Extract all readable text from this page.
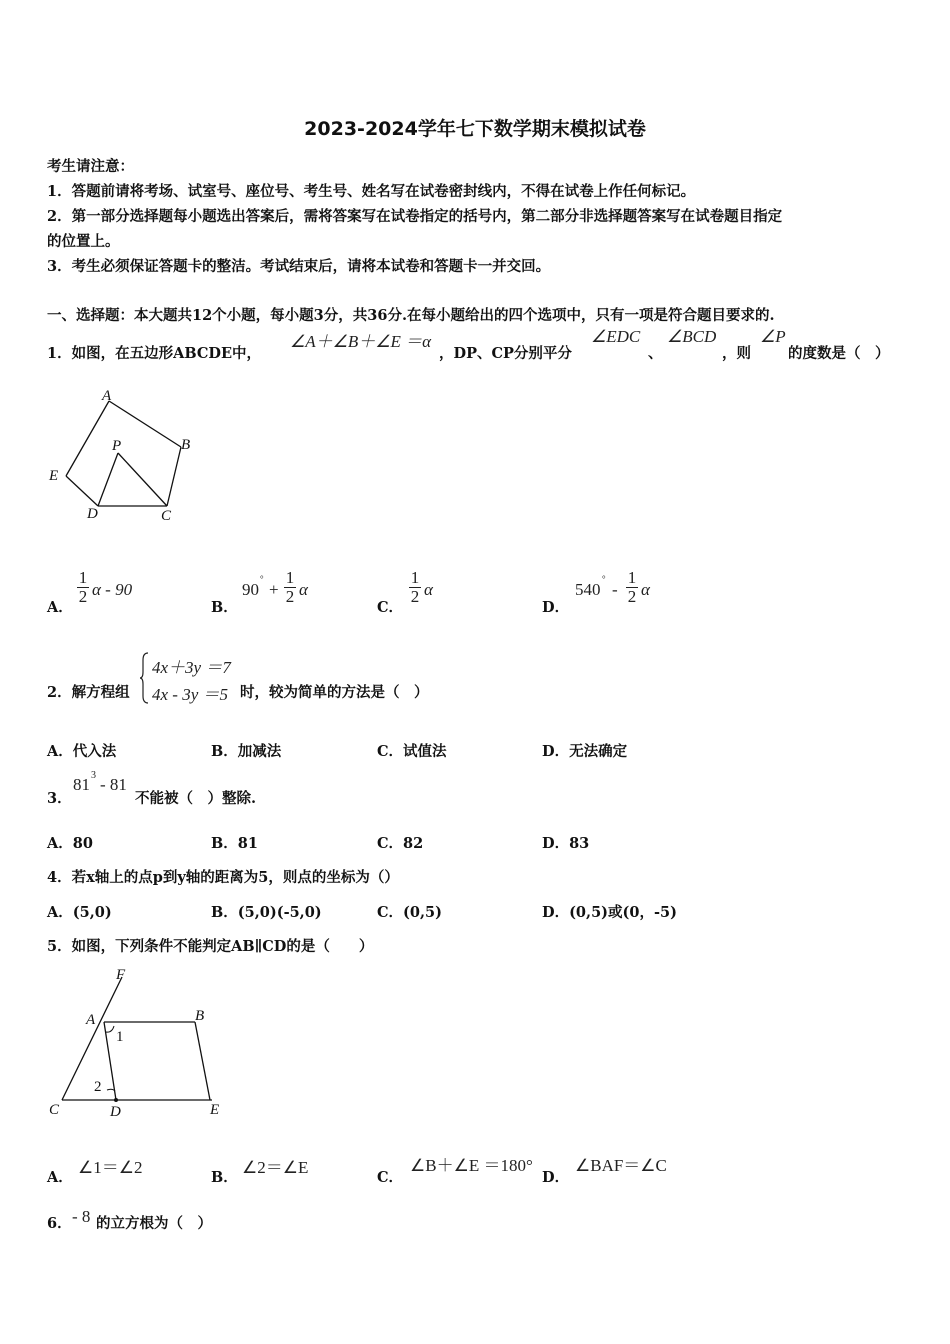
2023-2024学年七下数学期末模拟试卷
考生请注意：
1．答题前请将考场、试室号、座位号、考生号、姓名写在试卷密封线内，不得在试卷上作任何标记。
2．第一部分选择题每小题选出答案后，需将答案写在试卷指定的括号内，第二部分非选择题答案写在试卷题目指定
的位置上。
3．考生必须保证答题卡的整洁。考试结束后，请将本试卷和答题卡一并交回。
一、选择题：本大题共12个小题，每小题3分，共36分.在每小题给出的四个选项中，只有一项是符合题目要求的.
1．如图，在五边形ABCDE中，
∠A＋∠B＋∠E ＝α
，DP、CP分别平分
∠EDC
、
∠BCD
，则
∠P
的度数是（　）
A
B
C
D
E
P
A．
1
2 α - 90
B．
90
°
+
1
2 α
C．
1
2 α
D．
540
°
-
1
2 α
2．解方程组
4x＋3y ＝7
4x - 3y ＝5 时，较为简单的方法是（　）
A．代入法	B．加减法	C．试值法	D．无法确定
3．
81 3 - 81
不能被（　）整除.
A．80	B．81	C．82	D．83
4．若x轴上的点p到y轴的距离为5，则点的坐标为（）
A．(5,0)	B．(5,0)(-5,0)	C．(0,5)	D．(0,5)或(0，-5)
5．如图，下列条件不能判定AB∥CD的是（　　）
F
A	B
1
2
C	D	E
A．
∠1＝∠2
B．
∠2＝∠E
C．
∠B＋∠E ＝180°
D．
∠BAF＝∠C
6． - 8 的立方根为（　）
